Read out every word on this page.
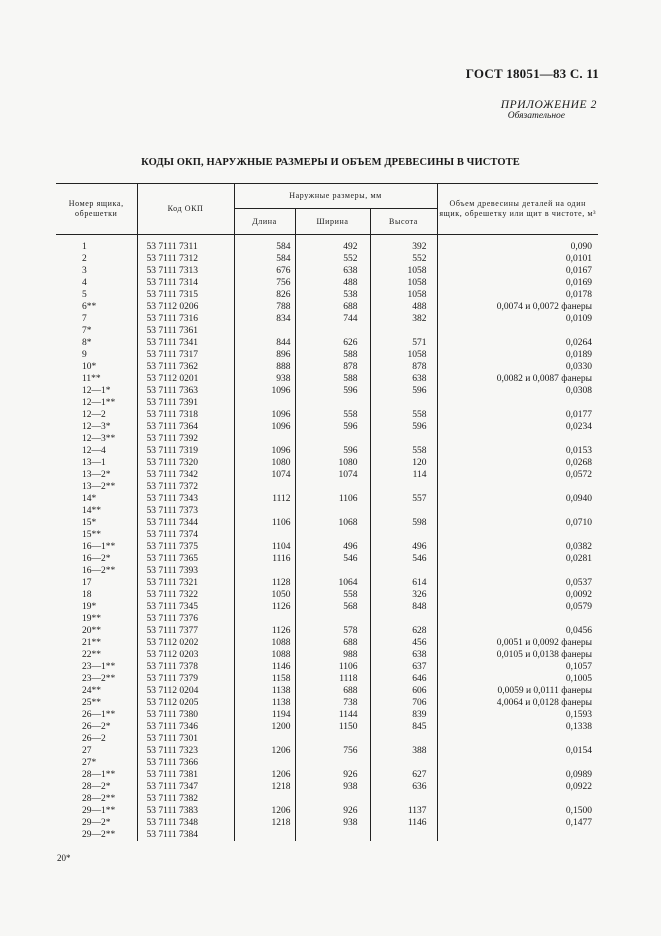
ГОСТ 18051—83 С. 11
ПРИЛОЖЕНИЕ 2
Обязательное
КОДЫ ОКП, НАРУЖНЫЕ РАЗМЕРЫ И ОБЪЕМ ДРЕВЕСИНЫ В ЧИСТОТЕ
Номер ящика, обрешетки	Код ОКП	Наружные размеры, мм			Объем древесины деталей на один ящик, обрешетку или щит в чистоте, м³
		Длина	Ширина	Высота	

1	53 7111 7311	584	492	392	0,090
2	53 7111 7312	584	552	552	0,0101
3	53 7111 7313	676	638	1058	0,0167
4	53 7111 7314	756	488	1058	0,0169
5	53 7111 7315	826	538	1058	0,0178
6**	53 7112 0206	788	688	488	0,0074 и 0,0072 фанеры
7	53 7111 7316	834	744	382	0,0109
7*	53 7111 7361				
8*	53 7111 7341	844	626	571	0,0264
9	53 7111 7317	896	588	1058	0,0189
10*	53 7111 7362	888	878	878	0,0330
11**	53 7112 0201	938	588	638	0,0082 и 0,0087 фанеры
12—1*	53 7111 7363	1096	596	596	0,0308
12—1**	53 7111 7391				
12—2	53 7111 7318	1096	558	558	0,0177
12—3*	53 7111 7364	1096	596	596	0,0234
12—3**	53 7111 7392				
12—4	53 7111 7319	1096	596	558	0,0153
13—1	53 7111 7320	1080	1080	120	0,0268
13—2*	53 7111 7342	1074	1074	114	0,0572
13—2**	53 7111 7372				
14*	53 7111 7343	1112	1106	557	0,0940
14**	53 7111 7373				
15*	53 7111 7344	1106	1068	598	0,0710
15**	53 7111 7374				
16—1**	53 7111 7375	1104	496	496	0,0382
16—2*	53 7111 7365	1116	546	546	0,0281
16—2**	53 7111 7393				
17	53 7111 7321	1128	1064	614	0,0537
18	53 7111 7322	1050	558	326	0,0092
19*	53 7111 7345	1126	568	848	0,0579
19**	53 7111 7376				
20**	53 7111 7377	1126	578	628	0,0456
21**	53 7112 0202	1088	688	456	0,0051 и 0,0092 фанеры
22**	53 7112 0203	1088	988	638	0,0105 и 0,0138 фанеры
23—1**	53 7111 7378	1146	1106	637	0,1057
23—2**	53 7111 7379	1158	1118	646	0,1005
24**	53 7112 0204	1138	688	606	0,0059 и 0,0111 фанеры
25**	53 7112 0205	1138	738	706	4,0064 и 0,0128 фанеры
26—1**	53 7111 7380	1194	1144	839	0,1593
26—2*	53 7111 7346	1200	1150	845	0,1338
26—2	53 7111 7301				
27	53 7111 7323	1206	756	388	0,0154
27*	53 7111 7366				
28—1**	53 7111 7381	1206	926	627	0,0989
28—2*	53 7111 7347	1218	938	636	0,0922
28—2**	53 7111 7382				
29—1**	53 7111 7383	1206	926	1137	0,1500
29—2*	53 7111 7348	1218	938	1146	0,1477
29—2**	53 7111 7384				
20*
